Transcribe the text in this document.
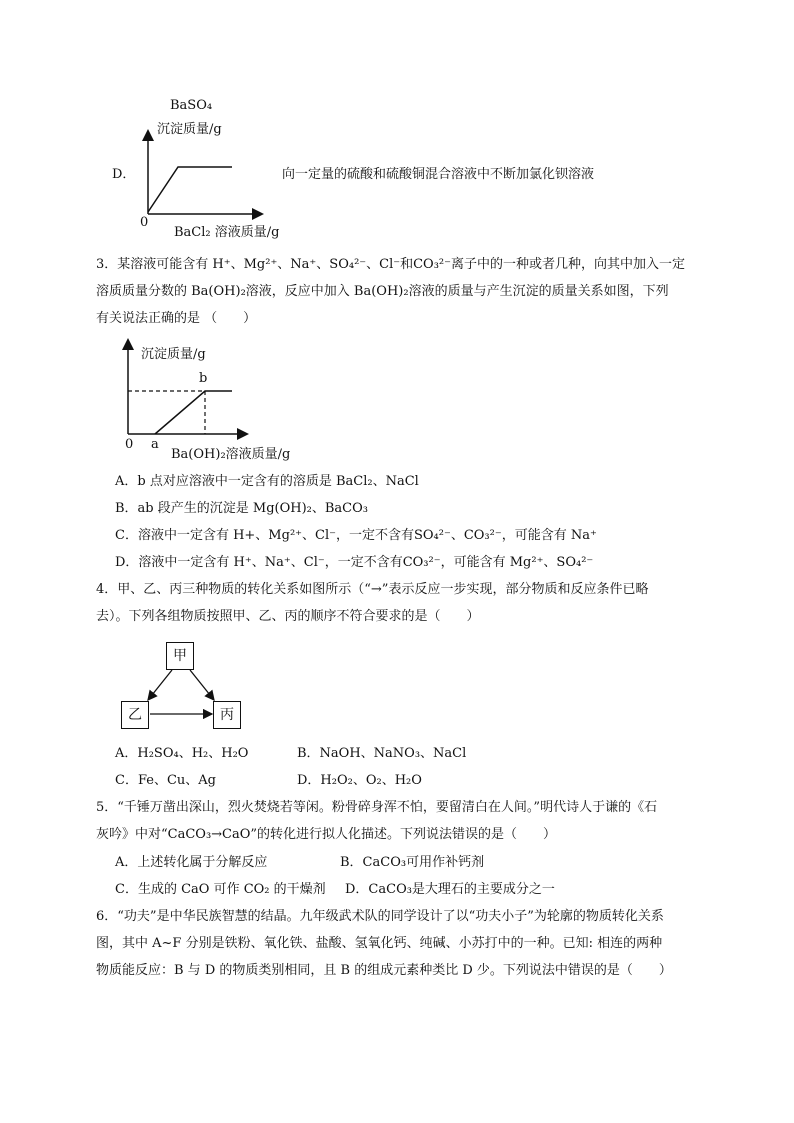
BaSO₄
沉淀质量/g
D．
0
BaCl₂ 溶液质量/g
向一定量的硫酸和硫酸铜混合溶液中不断加氯化钡溶液
3．某溶液可能含有 H⁺、Mg²⁺、Na⁺、SO₄²⁻、Cl⁻和CO₃²⁻离子中的一种或者几种，向其中加入一定
溶质质量分数的 Ba(OH)₂溶液，反应中加入 Ba(OH)₂溶液的质量与产生沉淀的质量关系如图，下列
有关说法正确的是 （　　）
沉淀质量/g
b
0 a
Ba(OH)₂溶液质量/g
A．b 点对应溶液中一定含有的溶质是 BaCl₂、NaCl
B．ab 段产生的沉淀是 Mg(OH)₂、BaCO₃
C．溶液中一定含有 H+、Mg²⁺、Cl⁻，一定不含有SO₄²⁻、CO₃²⁻，可能含有 Na⁺
D．溶液中一定含有 H⁺、Na⁺、Cl⁻，一定不含有CO₃²⁻，可能含有 Mg²⁺、SO₄²⁻
4．甲、乙、丙三种物质的转化关系如图所示（“→”表示反应一步实现，部分物质和反应条件已略
去）。下列各组物质按照甲、乙、丙的顺序不符合要求的是（　　）
甲
乙	丙
A．H₂SO₄、H₂、H₂O	B．NaOH、NaNO₃、NaCl
C．Fe、Cu、Ag	D．H₂O₂、O₂、H₂O
5．“千锤万凿出深山，烈火焚烧若等闲。粉骨碎身浑不怕，要留清白在人间。”明代诗人于谦的《石
灰吟》中对“CaCO₃→CaO”的转化进行拟人化描述。下列说法错误的是（　　）
A．上述转化属于分解反应	B．CaCO₃可用作补钙剂
C．生成的 CaO 可作 CO₂ 的干燥剂 D．CaCO₃是大理石的主要成分之一
6．“功夫”是中华民族智慧的结晶。九年级武术队的同学设计了以“功夫小子”为轮廓的物质转化关系
图，其中 A~F 分别是铁粉、氧化铁、盐酸、氢氧化钙、纯碱、小苏打中的一种。已知: 相连的两种
物质能反应：B 与 D 的物质类别相同，且 B 的组成元素种类比 D 少。下列说法中错误的是（　　）
